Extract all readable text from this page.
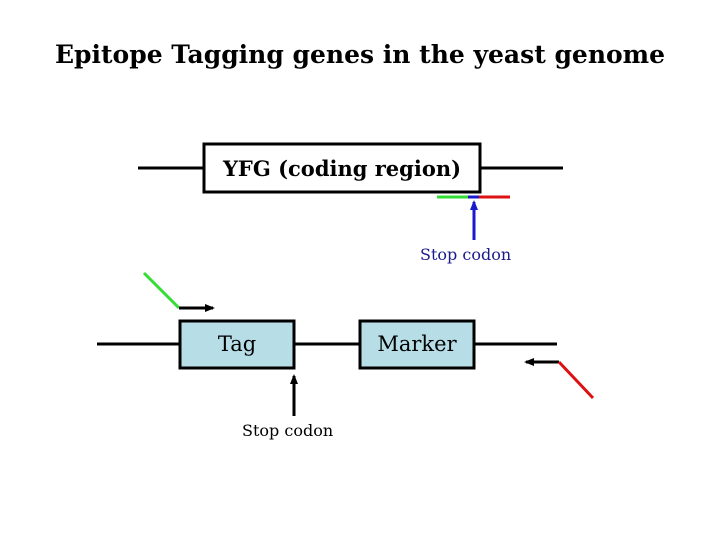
Epitope Tagging genes in the yeast genome
YFG (coding region)
Stop codon
Tag	Marker
Stop codon
